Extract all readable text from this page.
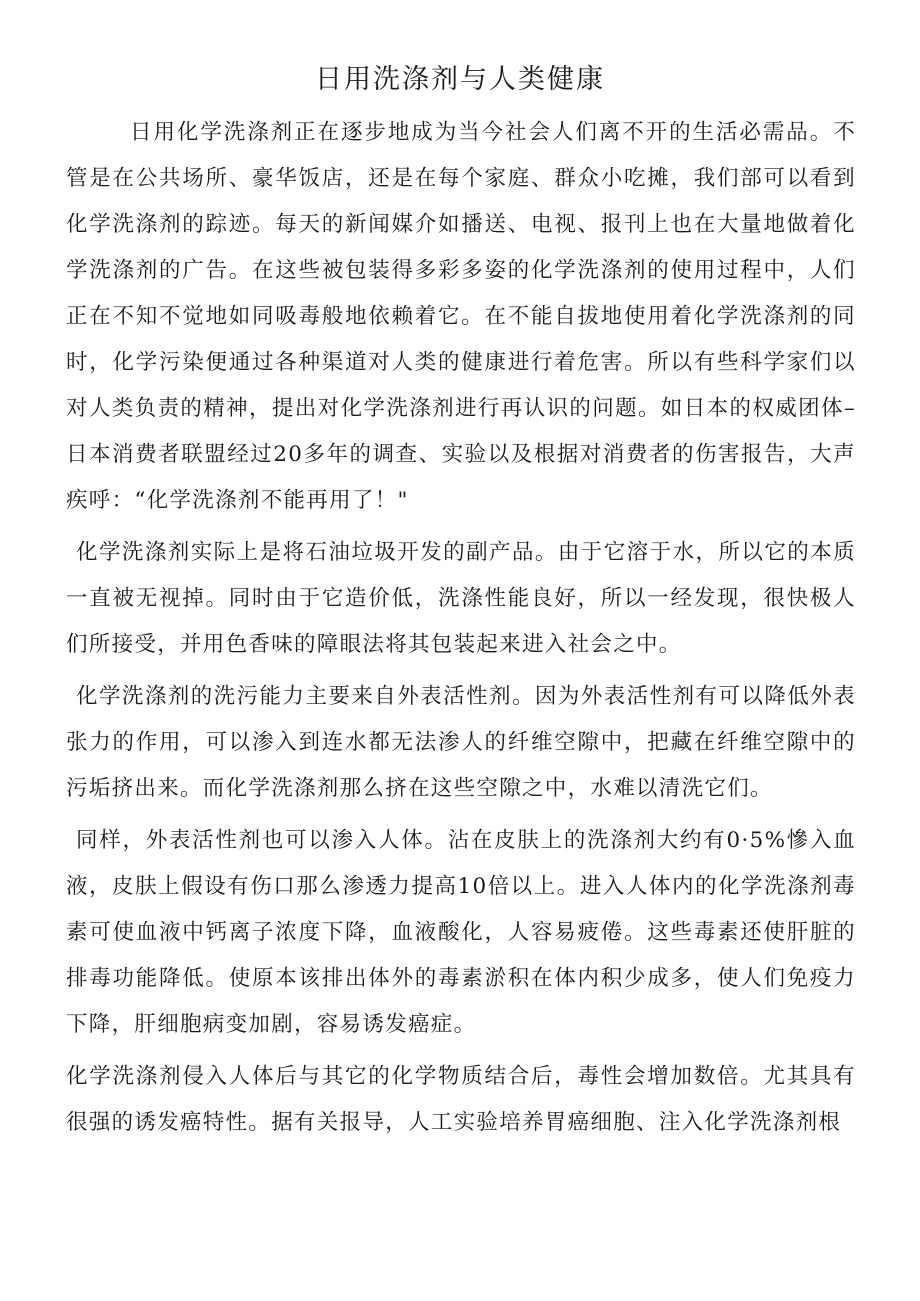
日用洗涤剂与人类健康

日用化学洗涤剂正在逐步地成为当今社会人们离不开的生活必需品。不管是在公共场所、豪华饭店，还是在每个家庭、群众小吃摊，我们部可以看到化学洗涤剂的踪迹。每天的新闻媒介如播送、电视、报刊上也在大量地做着化学洗涤剂的广告。在这些被包装得多彩多姿的化学洗涤剂的使用过程中，人们正在不知不觉地如同吸毒般地依赖着它。在不能自拔地使用着化学洗涤剂的同时，化学污染便通过各种渠道对人类的健康进行着危害。所以有些科学家们以对人类负责的精神，提出对化学洗涤剂进行再认识的问题。如日本的权威团体–日本消费者联盟经过20多年的调查、实验以及根据对消费者的伤害报告，大声疾呼：“化学洗涤剂不能再用了！"

化学洗涤剂实际上是将石油垃圾开发的副产品。由于它溶于水，所以它的本质一直被无视掉。同时由于它造价低，洗涤性能良好，所以一经发现，很快极人们所接受，并用色香味的障眼法将其包装起来进入社会之中。

化学洗涤剂的洗污能力主要来自外表活性剂。因为外表活性剂有可以降低外表张力的作用，可以渗入到连水都无法渗人的纤维空隙中，把藏在纤维空隙中的污垢挤出来。而化学洗涤剂那么挤在这些空隙之中，水难以清洗它们。

同样，外表活性剂也可以渗入人体。沾在皮肤上的洗涤剂大约有0·5%慘入血液，皮肤上假设有伤口那么渗透力提高10倍以上。进入人体内的化学洗涤剂毒素可使血液中钙离子浓度下降，血液酸化，人容易疲倦。这些毒素还使肝脏的排毒功能降低。使原本该排出体外的毒素淤积在体内积少成多，使人们免疫力下降，肝细胞病变加剧，容易诱发癌症。

化学洗涤剂侵入人体后与其它的化学物质结合后，毒性会增加数倍。尤其具有很强的诱发癌特性。据有关报导，人工实验培养胃癌细胞、注入化学洗涤剂根
